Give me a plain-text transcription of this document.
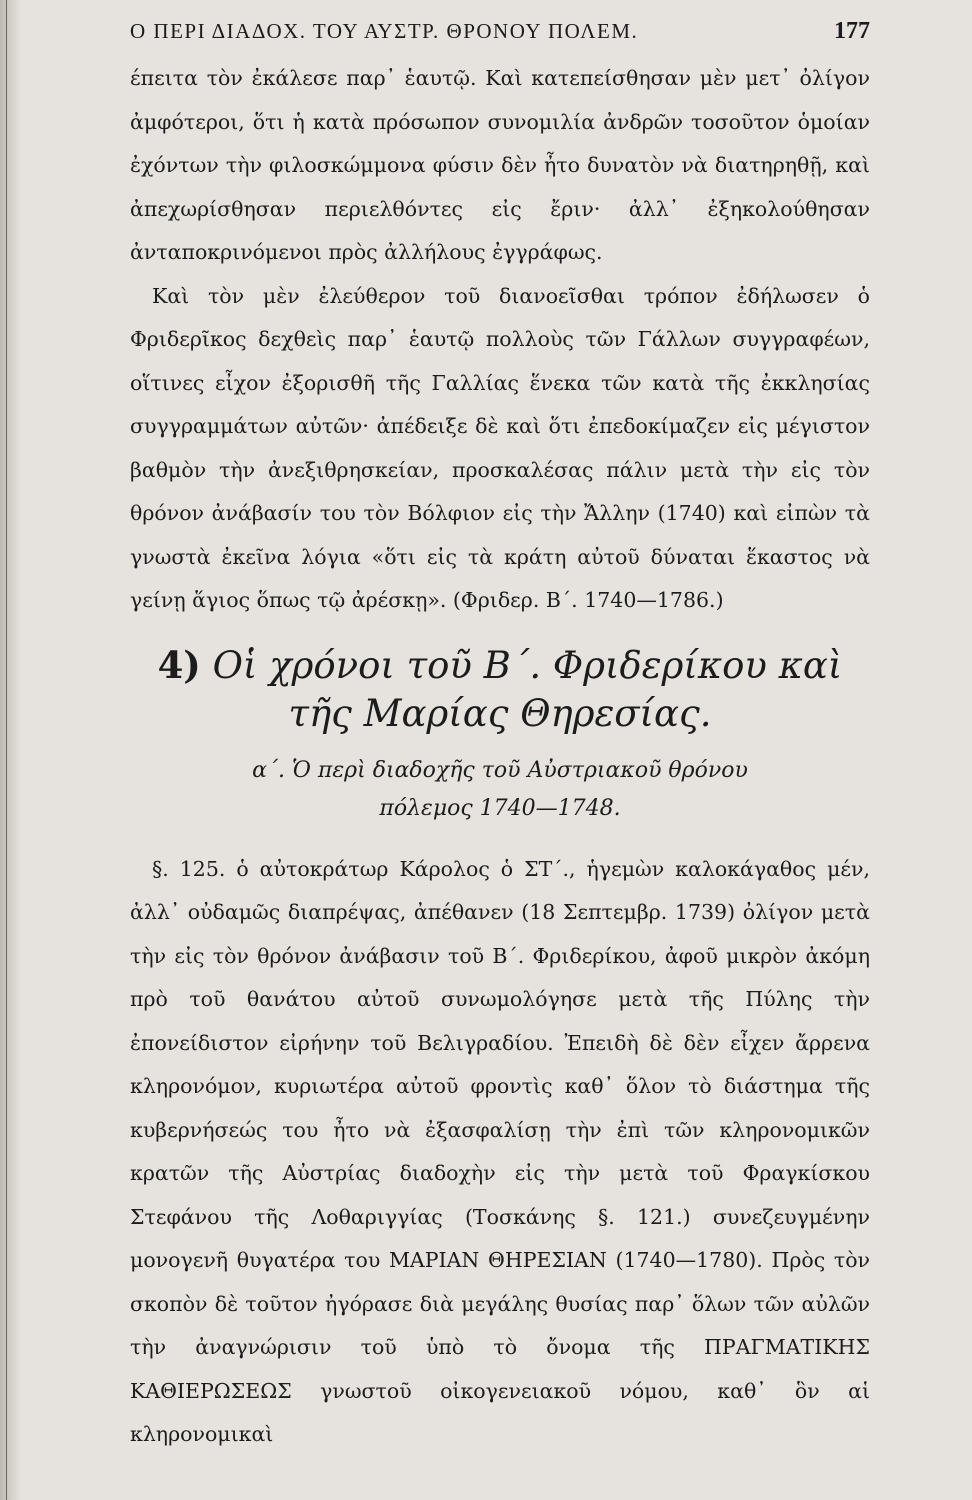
Ο ΠΕΡΙ ΔΙΑΔΟΧ. ΤΟΥ ΑΥΣΤΡ. ΘΡΟΝΟΥ ΠΟΛΕΜ.	177

έπειτα τὸν ἐκάλεσε παρ᾽ ἑαυτῷ. Καὶ κατεπείσθησαν μὲν μετ᾽ ὀλίγον ἀμφότεροι, ὅτι ἡ κατὰ πρόσωπον συνομιλία ἀνδρῶν τοσοῦτον ὁμοίαν ἐχόντων τὴν φιλοσκώμμονα φύσιν δὲν ἦτο δυνατὸν νὰ διατηρηθῇ, καὶ ἀπεχωρίσθησαν περιελθόντες εἰς ἔριν· ἀλλ᾽ ἐξηκολούθησαν ἀνταποκρινόμενοι πρὸς ἀλλήλους ἐγγράφως.

Καὶ τὸν μὲν ἐλεύθερον τοῦ διανοεῖσθαι τρόπον ἐδήλωσεν ὁ Φριδερῖκος δεχθεὶς παρ᾽ ἑαυτῷ πολλοὺς τῶν Γάλλων συγγραφέων, οἵτινες εἶχον ἐξορισθῆ τῆς Γαλλίας ἕνεκα τῶν κατὰ τῆς ἐκκλησίας συγγραμμάτων αὐτῶν· ἀπέδειξε δὲ καὶ ὅτι ἐπεδοκίμαζεν εἰς μέγιστον βαθμὸν τὴν ἀνεξιθρησκείαν, προσκαλέσας πάλιν μετὰ τὴν εἰς τὸν θρόνον ἀνάβασίν του τὸν Βόλφιον εἰς τὴν Ἄλλην (1740) καὶ εἰπὼν τὰ γνωστὰ ἐκεῖνα λόγια «ὅτι εἰς τὰ κράτη αὐτοῦ δύναται ἕκαστος νὰ γείνῃ ἅγιος ὅπως τῷ ἀρέσκῃ». (Φριδερ. Β΄. 1740—1786.)

4) Οἱ χρόνοι τοῦ Β΄. Φριδερίκου καὶ
τῆς Μαρίας Θηρεσίας.
α΄. Ὁ περὶ διαδοχῆς τοῦ Αὐστριακοῦ θρόνου
πόλεμος 1740—1748.

§. 125. ὁ αὐτοκράτωρ Κάρολος ὁ ΣΤ΄., ἡγεμὼν καλοκάγαθος μέν, ἀλλ᾽ οὐδαμῶς διαπρέψας, ἀπέθανεν (18 Σεπτεμβρ. 1739) ὀλίγον μετὰ τὴν εἰς τὸν θρόνον ἀνάβασιν τοῦ Β΄. Φριδερίκου, ἀφοῦ μικρὸν ἀκόμη πρὸ τοῦ θανάτου αὐτοῦ συνωμολόγησε μετὰ τῆς Πύλης τὴν ἐπονείδιστον εἰρήνην τοῦ Βελιγραδίου. Ἐπειδὴ δὲ δὲν εἶχεν ἄρρενα κληρονόμον, κυριωτέρα αὐτοῦ φροντὶς καθ᾽ ὅλον τὸ διάστημα τῆς κυβερνήσεώς του ἦτο νὰ ἐξασφαλίσῃ τὴν ἐπὶ τῶν κληρονομικῶν κρατῶν τῆς Αὐστρίας διαδοχὴν εἰς τὴν μετὰ τοῦ Φραγκίσκου Στεφάνου τῆς Λοθαριγγίας (Τοσκάνης §. 121.) συνεζευγμένην μονογενῆ θυγατέρα του ΜΑΡΙΑΝ ΘΗΡΕΣΙΑΝ (1740—1780). Πρὸς τὸν σκοπὸν δὲ τοῦτον ἠγόρασε διὰ μεγάλης θυσίας παρ᾽ ὅλων τῶν αὐλῶν τὴν ἀναγνώρισιν τοῦ ὑπὸ τὸ ὄνομα τῆς ΠΡΑΓΜΑΤΙΚΗΣ ΚΑΘΙΕΡΩΣΕΩΣ γνωστοῦ οἰκογενειακοῦ νόμου, καθ᾽ ὃν αἱ κληρονομικαὶ
